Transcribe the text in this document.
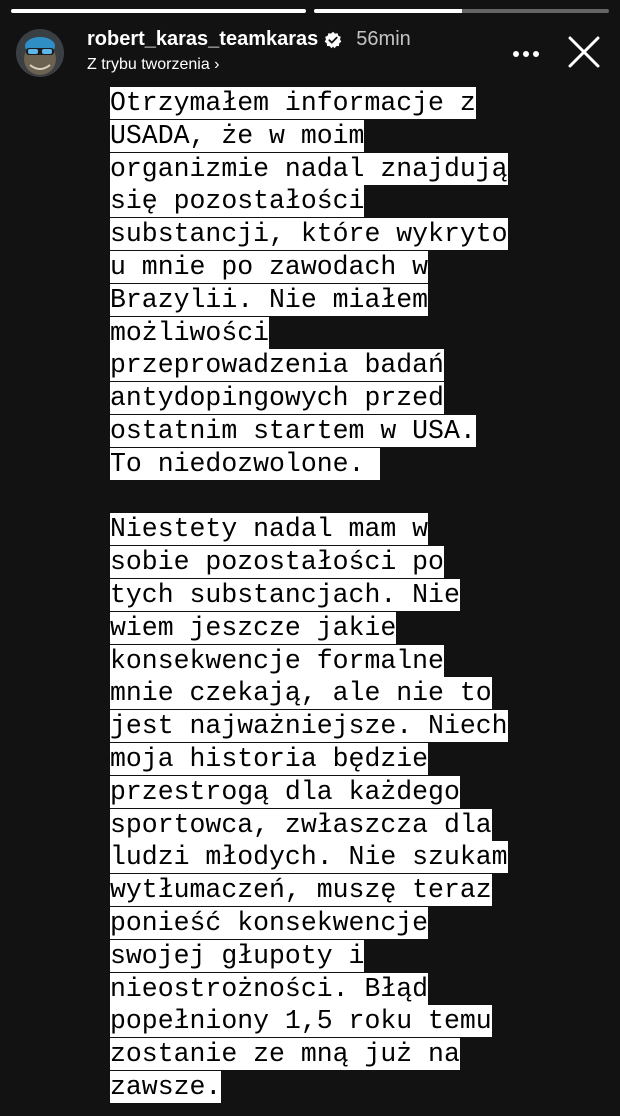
robert_karas_teamkaras 56min
Z trybu tworzenia ›
Otrzymałem informacje z
USADA, że w moim
organizmie nadal znajdują
się pozostałości
substancji, które wykryto
u mnie po zawodach w
Brazylii. Nie miałem
możliwości
przeprowadzenia badań
antydopingowych przed
ostatnim startem w USA.
To niedozwolone.
Niestety nadal mam w
sobie pozostałości po
tych substancjach. Nie
wiem jeszcze jakie
konsekwencje formalne
mnie czekają, ale nie to
jest najważniejsze. Niech
moja historia będzie
przestrogą dla każdego
sportowca, zwłaszcza dla
ludzi młodych. Nie szukam
wytłumaczeń, muszę teraz
ponieść konsekwencje
swojej głupoty i
nieostrożności. Błąd
popełniony 1,5 roku temu
zostanie ze mną już na
zawsze.
